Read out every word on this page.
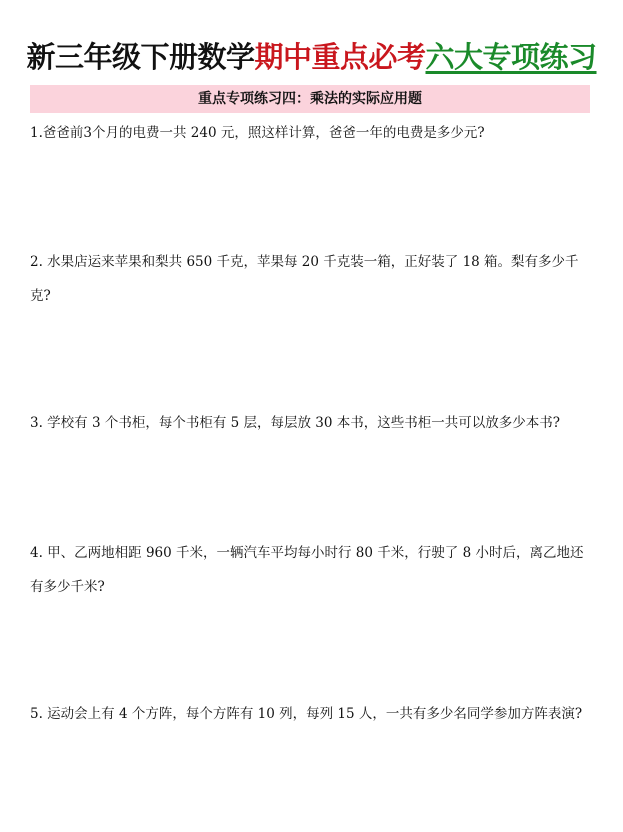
新三年级下册数学期中重点必考六大专项练习
重点专项练习四：乘法的实际应用题
1.爸爸前3个月的电费一共 240 元，照这样计算，爸爸一年的电费是多少元?
2. 水果店运来苹果和梨共 650 千克，苹果每 20 千克装一箱，正好装了 18 箱。梨有多少千克?
3. 学校有 3 个书柜，每个书柜有 5 层，每层放 30 本书，这些书柜一共可以放多少本书?
4. 甲、乙两地相距 960 千米，一辆汽车平均每小时行 80 千米，行驶了 8 小时后，离乙地还有多少千米?
5. 运动会上有 4 个方阵，每个方阵有 10 列，每列 15 人，一共有多少名同学参加方阵表演?
